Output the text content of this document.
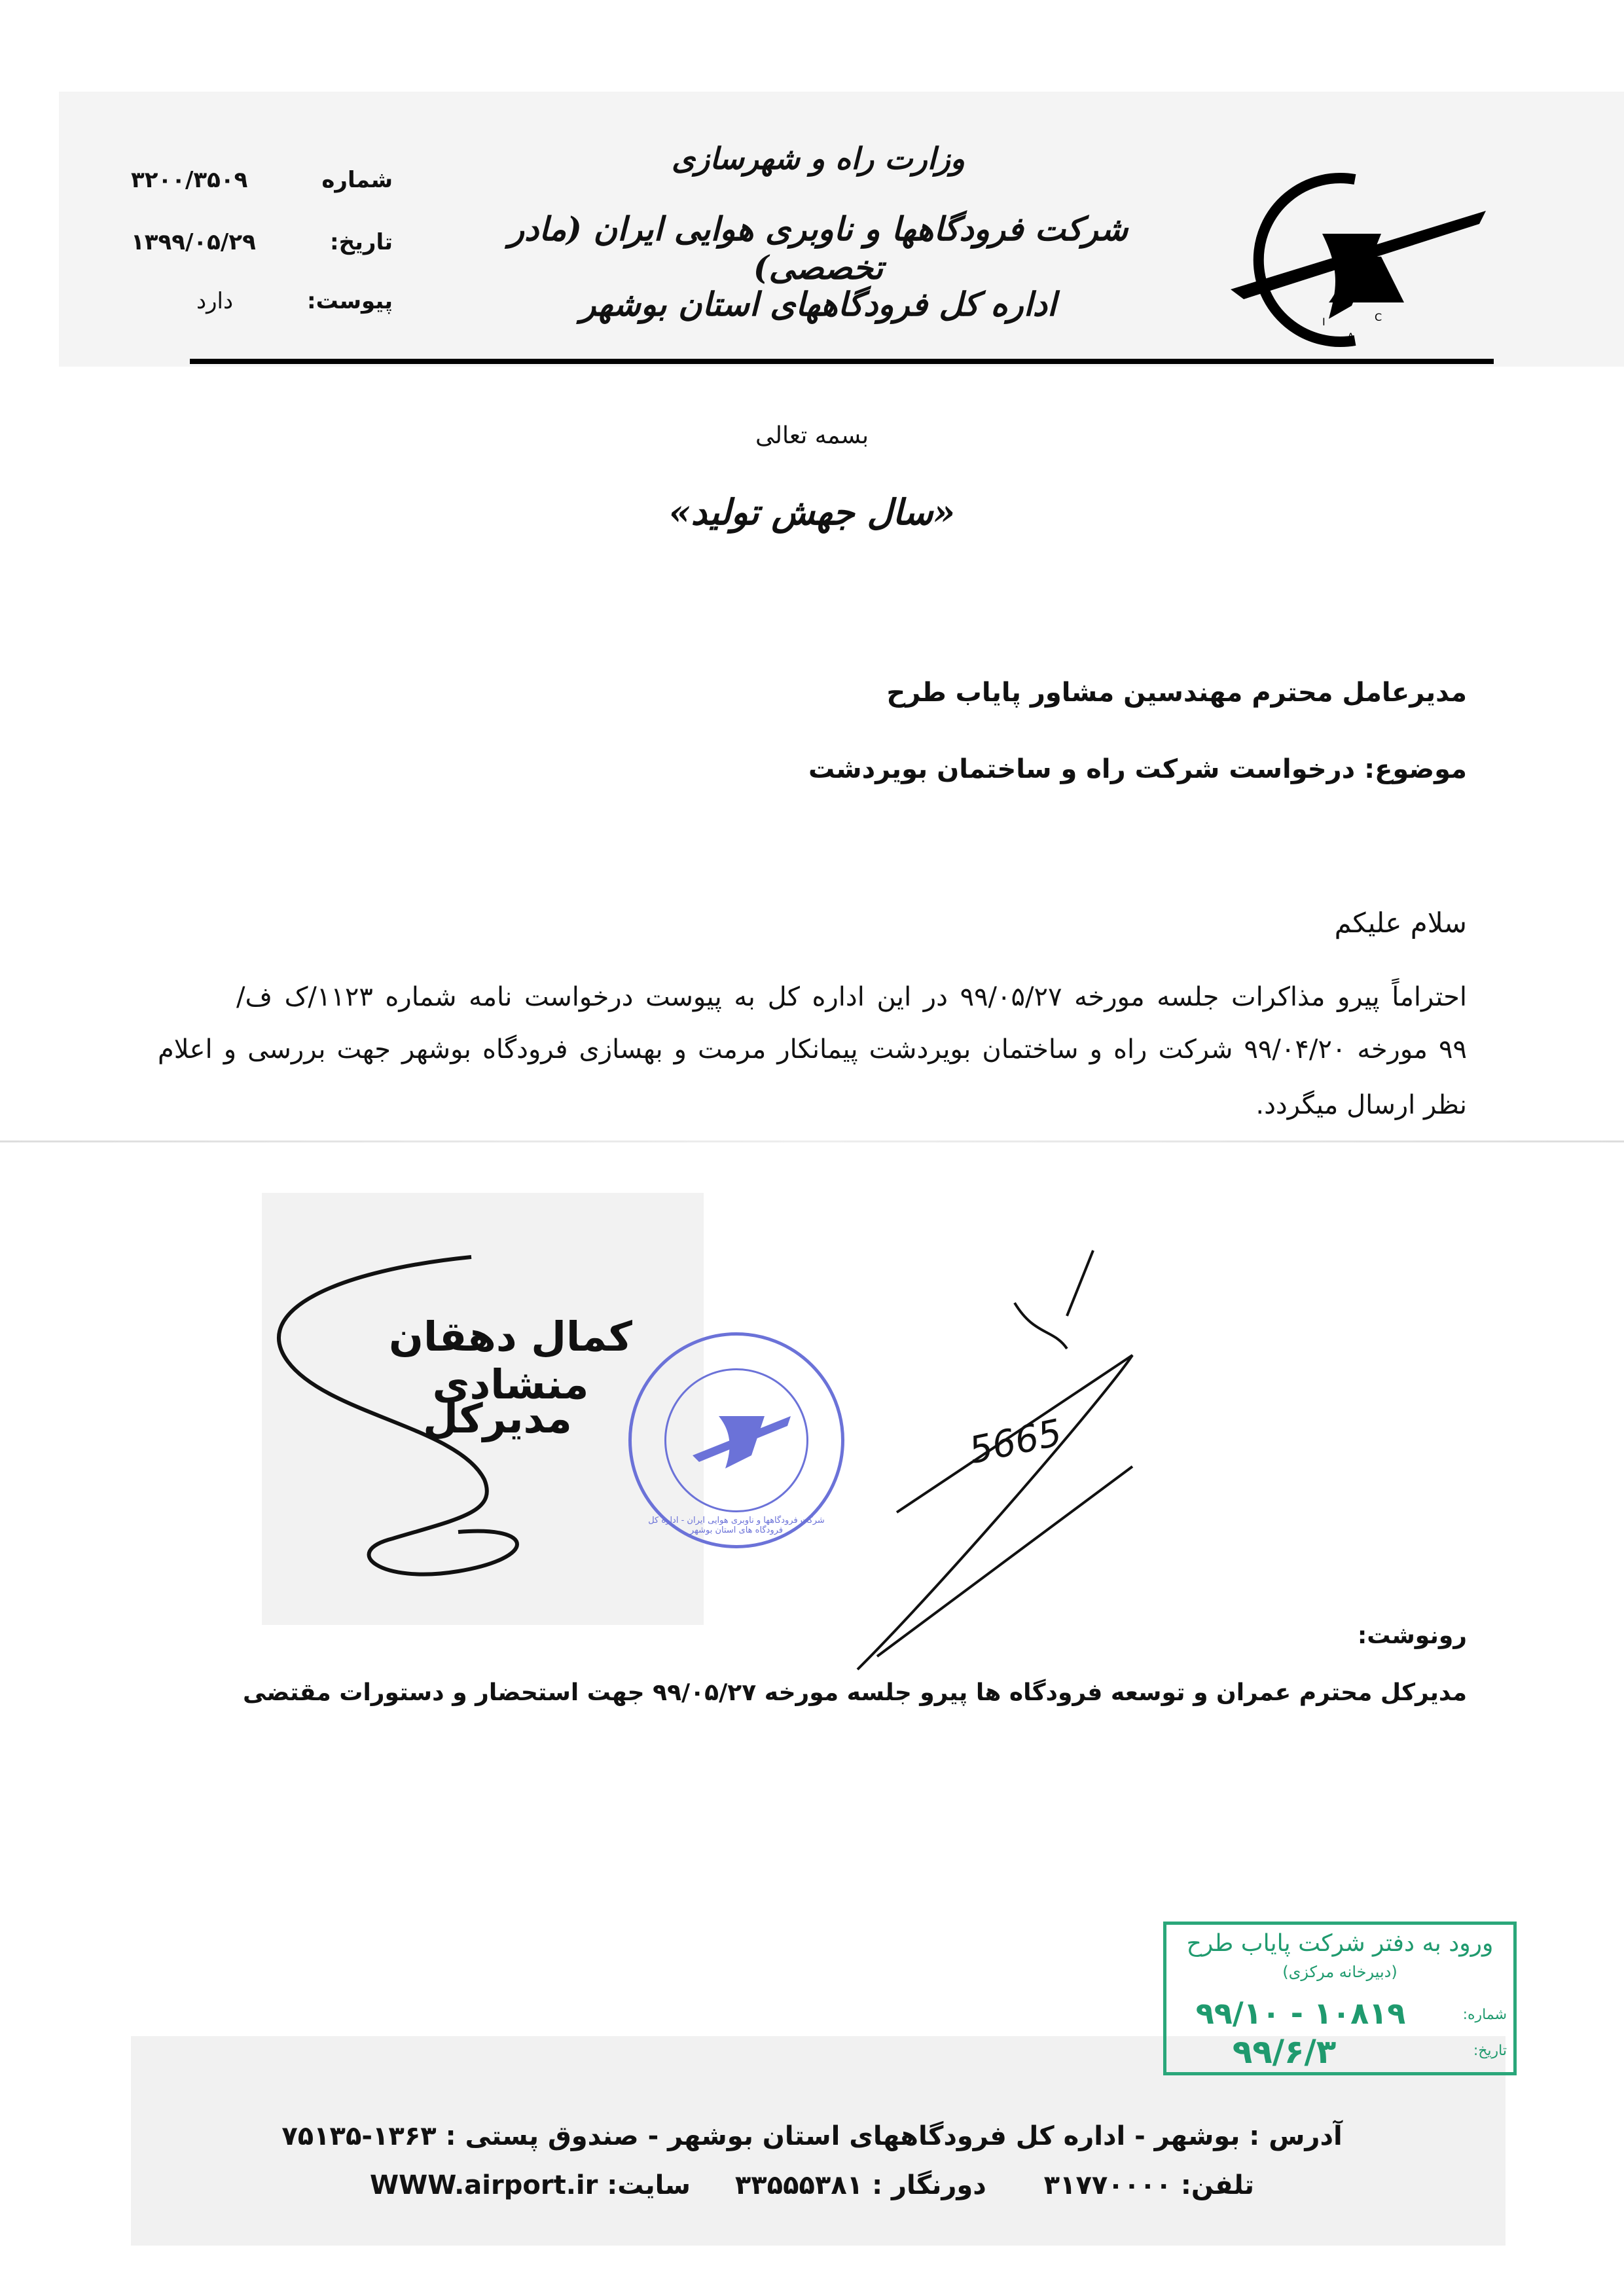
I	C
A
وزارت راه و شهرسازی
شرکت فرودگاهها و ناوبری هوایی ایران (مادر تخصصی)
اداره کل فرودگاههای استان بوشهر
شماره
۳۲۰۰/۳۵۰۹
تاریخ:
۱۳۹۹/۰۵/۲۹
پیوست:
دارد
بسمه تعالی
«سال جهش تولید»
مدیرعامل محترم مهندسین مشاور پایاب طرح
موضوع: درخواست شرکت راه و ساختمان بویردشت
سلام علیکم
احتراماً پیرو مذاکرات جلسه مورخه ۹۹/۰۵/۲۷ در این اداره کل به پیوست درخواست نامه شماره ۱۱۲۳/ک ف/
۹۹ مورخه ۹۹/۰۴/۲۰ شرکت راه و ساختمان بویردشت پیمانکار مرمت و بهسازی فرودگاه بوشهر جهت بررسی و اعلام
نظر ارسال میگردد.
کمال دهقان منشادی
مدیرکل
شرکت فرودگاهها و ناوبری هوایی ایران - اداره کل فرودگاه های استان بوشهر
5665
رونوشت:
مدیرکل محترم عمران و توسعه فرودگاه ها پیرو جلسه مورخه ۹۹/۰۵/۲۷ جهت استحضار و دستورات مقتضی
ورود به دفتر شرکت پایاب طرح
(دبیرخانه مرکزی)
شماره:
۱۰۸۱۹ - ۹۹/۱۰
تاریخ:
۹۹/۶/۳
آدرس : بوشهر - اداره کل فرودگاههای استان بوشهر - صندوق پستی : ۱۳۶۳-۷۵۱۳۵
تلفن: ۳۱۷۷۰۰۰۰  دورنگار : ۳۳۵۵۵۳۸۱  سایت: WWW.airport.ir
